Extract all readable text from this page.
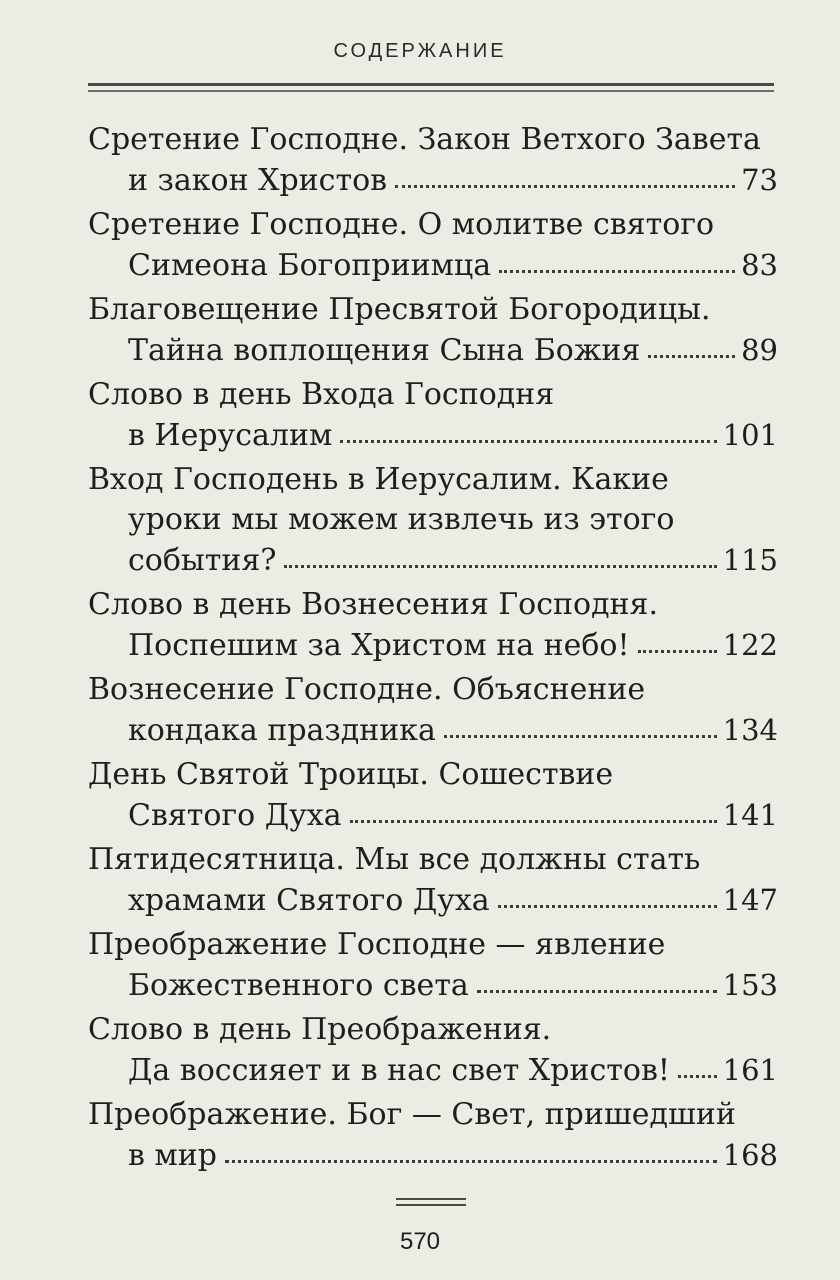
СОДЕРЖАНИЕ
Сретение Господне. Закон Ветхого Завета
и закон Христов	73
Сретение Господне. О молитве святого
Симеона Богоприимца	83
Благовещение Пресвятой Богородицы.
Тайна воплощения Сына Божия	89
Слово в день Входа Господня
в Иерусалим	101
Вход Господень в Иерусалим. Какие
уроки мы можем извлечь из этого
события?	115
Слово в день Вознесения Господня.
Поспешим за Христом на небо!	122
Вознесение Господне. Объяснение
кондака праздника	134
День Святой Троицы. Сошествие
Святого Духа	141
Пятидесятница. Мы все должны стать
храмами Святого Духа	147
Преображение Господне — явление
Божественного света	153
Слово в день Преображения.
Да воссияет и в нас свет Христов! 161
Преображение. Бог — Свет, пришедший
в мир	168
570
